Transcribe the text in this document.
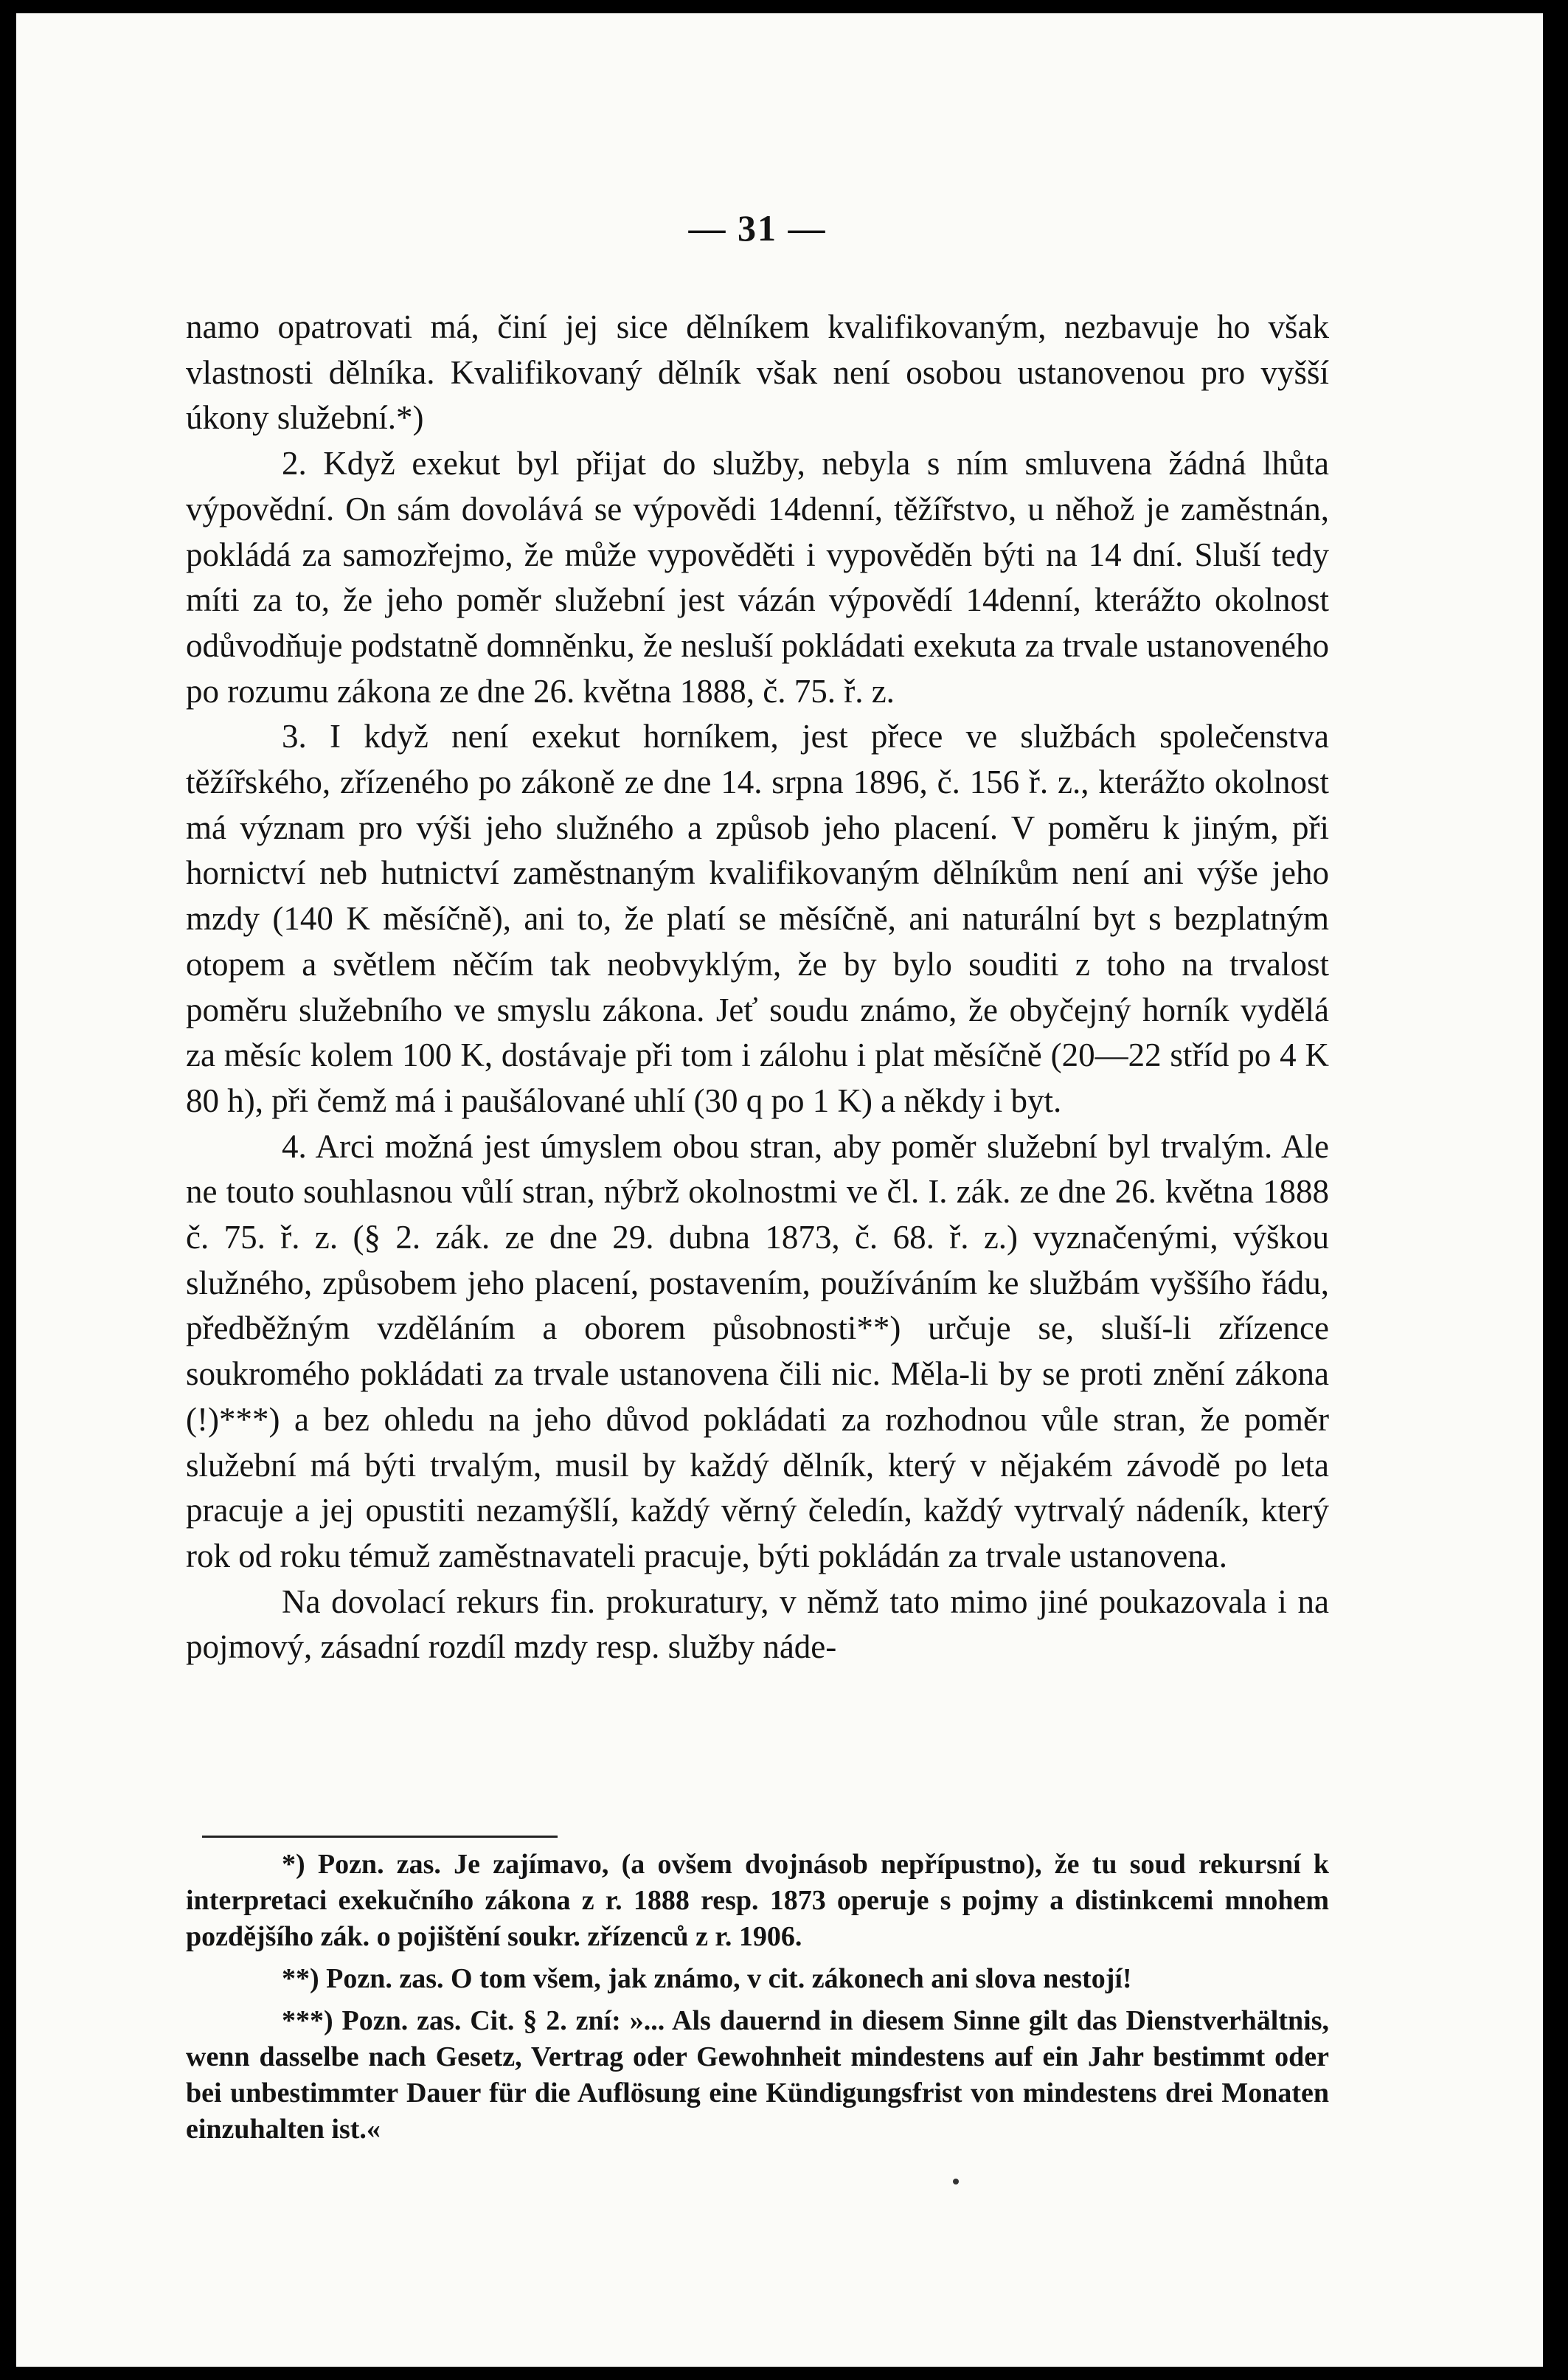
— 31 —

namo opatrovati má, činí jej sice dělníkem kvalifikovaným, nezbavuje ho však vlastnosti dělníka. Kvalifikovaný dělník však není osobou ustanovenou pro vyšší úkony služební.*)

2. Když exekut byl přijat do služby, nebyla s ním smluvena žádná lhůta výpovědní. On sám dovolává se výpovědi 14denní, těžířstvo, u něhož je zaměstnán, pokládá za samozřejmo, že může vypověděti i vypověděn býti na 14 dní. Sluší tedy míti za to, že jeho poměr služební jest vázán výpovědí 14denní, kterážto okolnost odůvodňuje podstatně domněnku, že nesluší pokládati exekuta za trvale ustanoveného po rozumu zákona ze dne 26. května 1888, č. 75. ř. z.

3. I když není exekut horníkem, jest přece ve službách společenstva těžířského, zřízeného po zákoně ze dne 14. srpna 1896, č. 156 ř. z., kterážto okolnost má význam pro výši jeho služného a způsob jeho placení. V poměru k jiným, při hornictví neb hutnictví zaměstnaným kvalifikovaným dělníkům není ani výše jeho mzdy (140 K měsíčně), ani to, že platí se měsíčně, ani naturální byt s bezplatným otopem a světlem něčím tak neobvyklým, že by bylo souditi z toho na trvalost poměru služebního ve smyslu zákona. Jeť soudu známo, že obyčejný horník vydělá za měsíc kolem 100 K, dostávaje při tom i zálohu i plat měsíčně (20—22 stříd po 4 K 80 h), při čemž má i paušálované uhlí (30 q po 1 K) a někdy i byt.

4. Arci možná jest úmyslem obou stran, aby poměr služební byl trvalým. Ale ne touto souhlasnou vůlí stran, nýbrž okolnostmi ve čl. I. zák. ze dne 26. května 1888 č. 75. ř. z. (§ 2. zák. ze dne 29. dubna 1873, č. 68. ř. z.) vyznačenými, výškou služného, způsobem jeho placení, postavením, používáním ke službám vyššího řádu, předběžným vzděláním a oborem působnosti**) určuje se, sluší-li zřízence soukromého pokládati za trvale ustanovena čili nic. Měla-li by se proti znění zákona (!)***) a bez ohledu na jeho důvod pokládati za rozhodnou vůle stran, že poměr služební má býti trvalým, musil by každý dělník, který v nějakém závodě po leta pracuje a jej opustiti nezamýšlí, každý věrný čeledín, každý vytrvalý nádeník, který rok od roku témuž zaměstnavateli pracuje, býti pokládán za trvale ustanovena.

Na dovolací rekurs fin. prokuratury, v němž tato mimo jiné poukazovala i na pojmový, zásadní rozdíl mzdy resp. služby náde-

*) Pozn. zas. Je zajímavo, (a ovšem dvojnásob nepřípustno), že tu soud rekursní k interpretaci exekučního zákona z r. 1888 resp. 1873 operuje s pojmy a distinkcemi mnohem pozdějšího zák. o pojištění soukr. zřízenců z r. 1906.

**) Pozn. zas. O tom všem, jak známo, v cit. zákonech ani slova nestojí!

***) Pozn. zas. Cit. § 2. zní: »... Als dauernd in diesem Sinne gilt das Dienstverhältnis, wenn dasselbe nach Gesetz, Vertrag oder Gewohnheit mindestens auf ein Jahr bestimmt oder bei unbestimmter Dauer für die Auflösung eine Kündigungsfrist von mindestens drei Monaten einzuhalten ist.«
